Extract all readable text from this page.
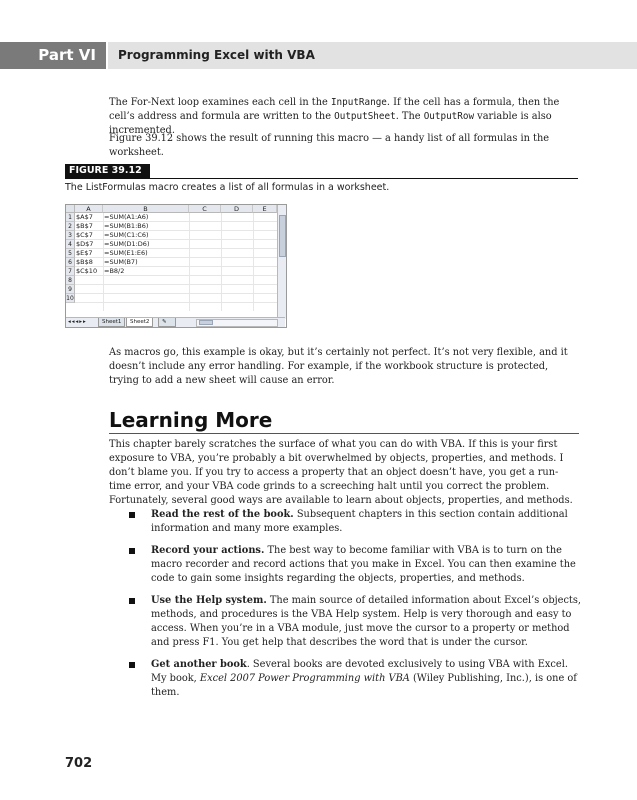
Part VI	Programming Excel with VBA

The For-Next loop examines each cell in the InputRange. If the cell has a formula, then the cell’s address and formula are written to the OutputSheet. The OutputRow variable is also incremented.

Figure 39.12 shows the result of running this macro — a handy list of all formulas in the worksheet.

FIGURE 39.12
The ListFormulas macro creates a list of all formulas in a worksheet.
A	B	C	D	E
1 $A$7	=SUM(A1:A6)
2 $B$7	=SUM(B1:B6)
3 $C$7	=SUM(C1:C6)
4 $D$7	=SUM(D1:D6)
5 $E$7	=SUM(E1:E6)
6 $B$8	=SUM(B7)
7 $C$10	=B8/2
8
9
10
◂◂◂▸▸	Sheet1	Sheet2	✎

As macros go, this example is okay, but it’s certainly not perfect. It’s not very flexible, and it doesn’t include any error handling. For example, if the workbook structure is protected, trying to add a new sheet will cause an error.

Learning More

This chapter barely scratches the surface of what you can do with VBA. If this is your first exposure to VBA, you’re probably a bit overwhelmed by objects, properties, and methods. I don’t blame you. If you try to access a property that an object doesn’t have, you get a run-time error, and your VBA code grinds to a screeching halt until you correct the problem. Fortunately, several good ways are available to learn about objects, properties, and methods.

Read the rest of the book. Subsequent chapters in this section contain additional information and many more examples.
Record your actions. The best way to become familiar with VBA is to turn on the macro recorder and record actions that you make in Excel. You can then examine the code to gain some insights regarding the objects, properties, and methods.
Use the Help system. The main source of detailed information about Excel’s objects, methods, and procedures is the VBA Help system. Help is very thorough and easy to access. When you’re in a VBA module, just move the cursor to a property or method and press F1. You get help that describes the word that is under the cursor.
Get another book. Several books are devoted exclusively to using VBA with Excel. My book, Excel 2007 Power Programming with VBA (Wiley Publishing, Inc.), is one of them.
702
